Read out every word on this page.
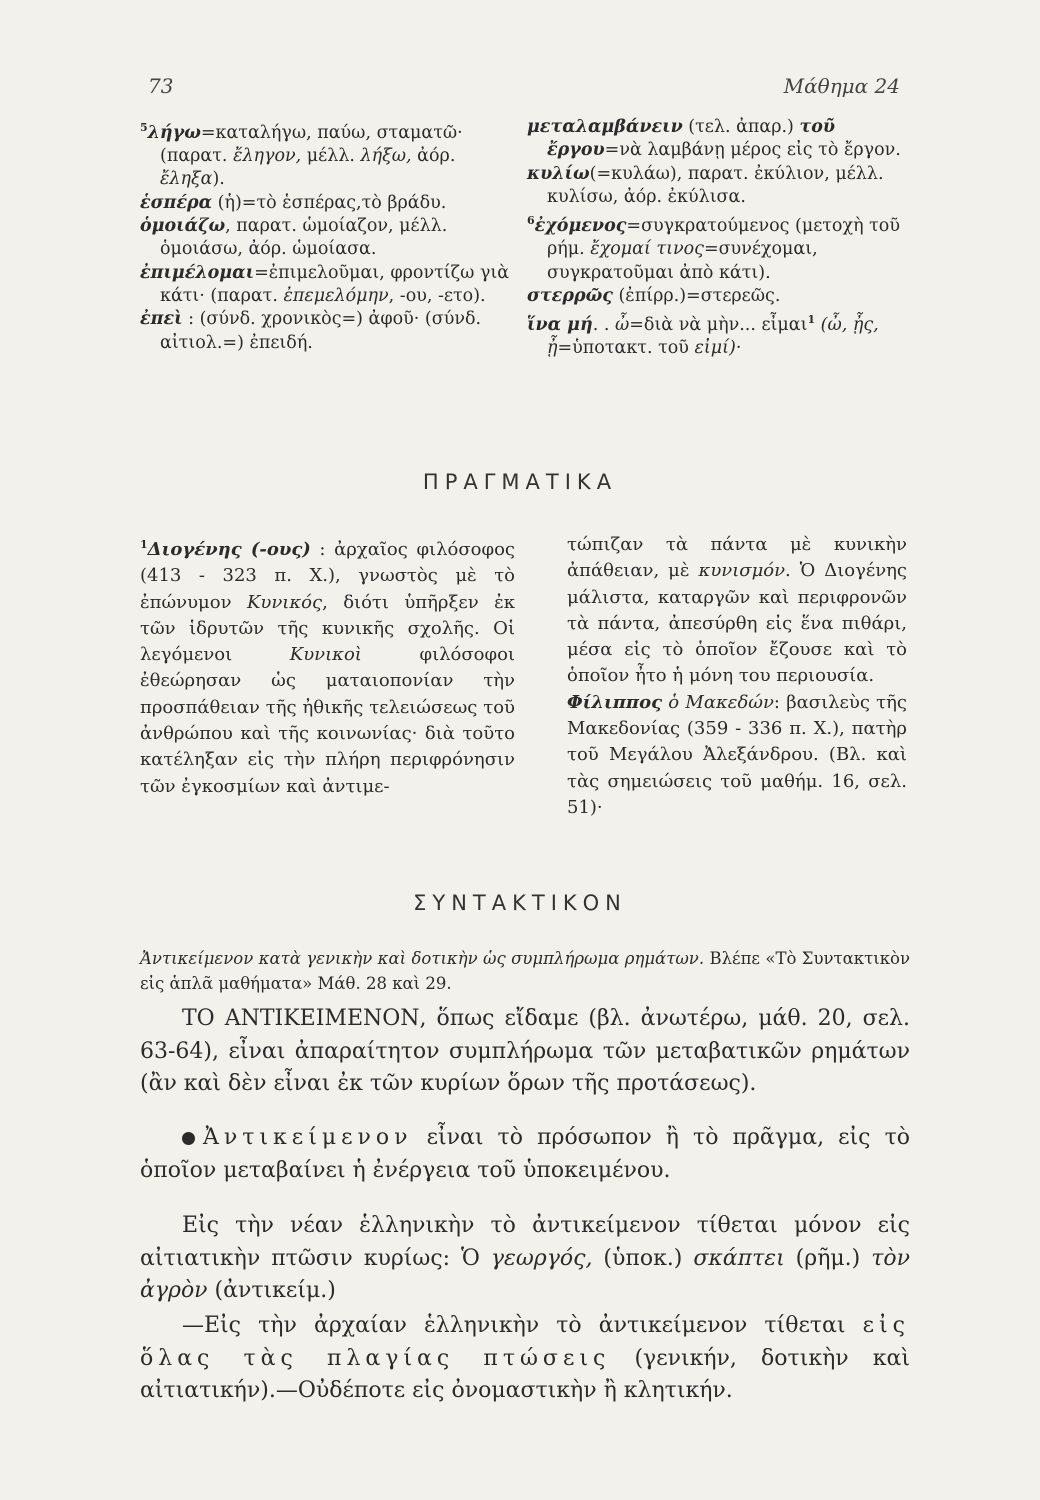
73	Μάθημα 24

$^5$λήγω=καταλήγω, παύω, σταματῶ· (παρατ. ἔληγον, μέλλ. λήξω, ἀόρ. ἔληξα).

ἑσπέρα (ἡ)=τὸ ἑσπέρας,τὸ βράδυ.

ὁμοιάζω, παρατ. ὡμοίαζον, μέλλ. ὁμοιάσω, ἀόρ. ὡμοίασα.

ἐπιμέλομαι=ἐπιμελοῦμαι, φροντίζω γιὰ κάτι· (παρατ. ἐπεμελόμην, -ου, -ετο).

ἐπεὶ : (σύνδ. χρονικὸς=) ἀφοῦ· (σύνδ. αἰτιολ.=) ἐπειδή.

μεταλαμβάνειν (τελ. ἀπαρ.) τοῦ ἔργου=νὰ λαμβάνῃ μέρος εἰς τὸ ἔργον.

κυλίω(=κυλάω), παρατ. ἐκύλιον, μέλλ. κυλίσω, ἀόρ. ἐκύλισα.

$^6$ἐχόμενος=συγκρατούμενος (μετοχὴ τοῦ ρήμ. ἔχομαί τινος=συνέχομαι, συγκρατοῦμαι ἀπὸ κάτι).

στερρῶς (ἐπίρρ.)=στερεῶς.

ἵνα μή. . ὦ=διὰ νὰ μὴν... εἶμαι$^1$ (ὦ, ᾖς, ᾖ=ὑποτακτ. τοῦ εἰμί)·

ΠΡΑΓΜΑΤΙΚΑ

$^1$Διογένης (-ους) : ἀρχαῖος φιλόσοφος (413 - 323 π. Χ.), γνωστὸς μὲ τὸ ἐπώνυμον Κυνικός, διότι ὑπῆρξεν ἐκ τῶν ἱδρυτῶν τῆς κυνικῆς σχολῆς. Οἱ λεγόμενοι Κυνικοὶ φιλόσοφοι ἐθεώρησαν ὡς ματαιοπονίαν τὴν προσπάθειαν τῆς ἠθικῆς τελειώσεως τοῦ ἀνθρώπου καὶ τῆς κοινωνίας· διὰ τοῦτο κατέληξαν εἰς τὴν πλήρη περιφρόνησιν τῶν ἐγκοσμίων καὶ ἀντιμε-

τώπιζαν τὰ πάντα μὲ κυνικὴν ἀπάθειαν, μὲ κυνισμόν. Ὁ Διογένης μάλιστα, καταργῶν καὶ περιφρονῶν τὰ πάντα, ἀπεσύρθη εἰς ἕνα πιθάρι, μέσα εἰς τὸ ὁποῖον ἔζουσε καὶ τὸ ὁποῖον ἦτο ἡ μόνη του περιουσία.

Φίλιππος ὁ Μακεδών: βασιλεὺς τῆς Μακεδονίας (359 - 336 π. Χ.), πατὴρ τοῦ Μεγάλου Ἀλεξάνδρου. (Βλ. καὶ τὰς σημειώσεις τοῦ μαθήμ. 16, σελ. 51)·

ΣΥΝΤΑΚΤΙΚΟΝ

Ἀντικείμενον κατὰ γενικὴν καὶ δοτικὴν ὡς συμπλήρωμα ρημάτων. Βλέπε «Τὸ Συντακτικὸν εἰς ἁπλᾶ μαθήματα» Μάθ. 28 καὶ 29.

ΤΟ ΑΝΤΙΚΕΙΜΕΝΟΝ, ὅπως εἴδαμε (βλ. ἀνωτέρω, μάθ. 20, σελ. 63-64), εἶναι ἀπαραίτητον συμπλήρωμα τῶν μεταβατικῶν ρημάτων (ἂν καὶ δὲν εἶναι ἐκ τῶν κυρίων ὅρων τῆς προτάσεως).

Ἀντικείμενον εἶναι τὸ πρόσωπον ἢ τὸ πρᾶγμα, εἰς τὸ ὁποῖον μεταβαίνει ἡ ἐνέργεια τοῦ ὑποκειμένου.

Εἰς τὴν νέαν ἑλληνικὴν τὸ ἀντικείμενον τίθεται μόνον εἰς αἰτιατικὴν πτῶσιν κυρίως: Ὁ γεωργός, (ὑποκ.) σκάπτει (ρῆμ.) τὸν ἀγρὸν (ἀντικείμ.)

—Εἰς τὴν ἀρχαίαν ἑλληνικὴν τὸ ἀντικείμενον τίθεται εἰς ὅλας τὰς πλαγίας πτώσεις (γενικήν, δοτικὴν καὶ αἰτιατικήν).—Οὐδέποτε εἰς ὀνομαστικὴν ἢ κλητικήν.
